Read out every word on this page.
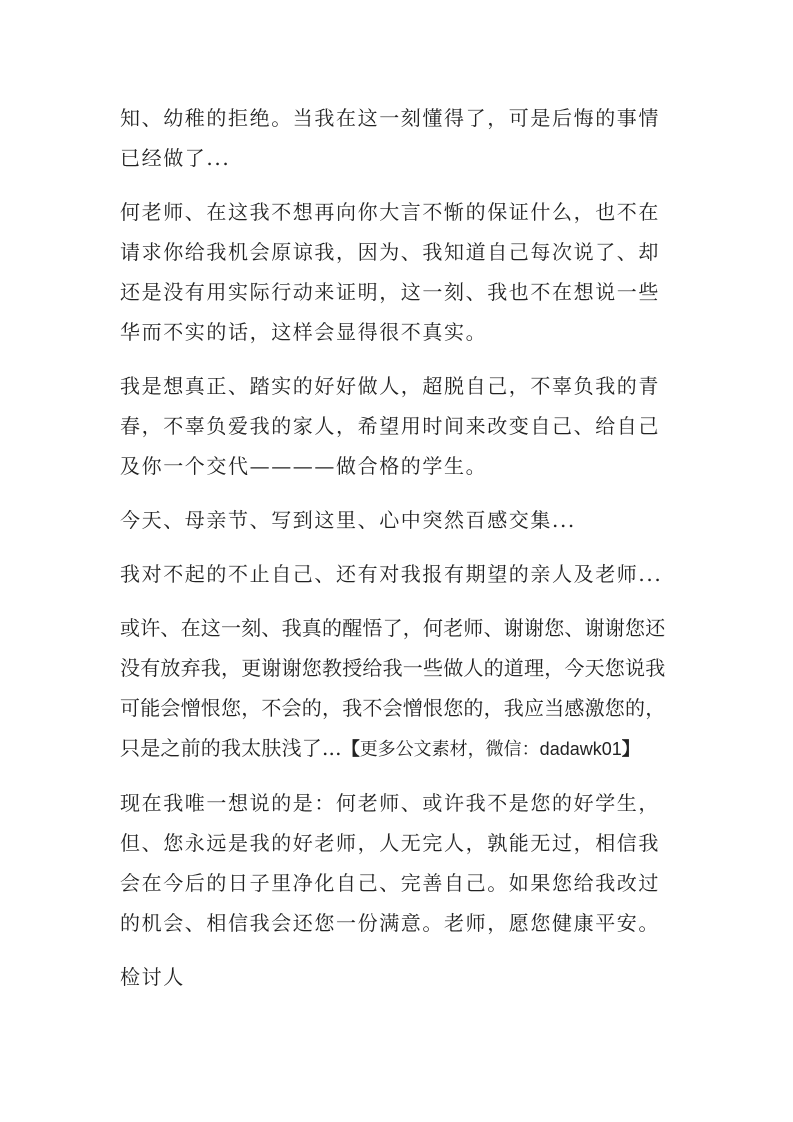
知、幼稚的拒绝。当我在这一刻懂得了，可是后悔的事情已经做了...

何老师、在这我不想再向你大言不惭的保证什么，也不在请求你给我机会原谅我，因为、我知道自己每次说了、却还是没有用实际行动来证明，这一刻、我也不在想说一些华而不实的话，这样会显得很不真实。

我是想真正、踏实的好好做人，超脱自己，不辜负我的青春，不辜负爱我的家人，希望用时间来改变自己、给自己及你一个交代————做合格的学生。

今天、母亲节、写到这里、心中突然百感交集...

我对不起的不止自己、还有对我报有期望的亲人及老师...

或许、在这一刻、我真的醒悟了，何老师、谢谢您、谢谢您还没有放弃我，更谢谢您教授给我一些做人的道理，今天您说我可能会憎恨您，不会的，我不会憎恨您的，我应当感激您的，只是之前的我太肤浅了...【更多公文素材，微信：dadawk01】

现在我唯一想说的是：何老师、或许我不是您的好学生，但、您永远是我的好老师，人无完人，孰能无过，相信我会在今后的日子里净化自己、完善自己。如果您给我改过的机会、相信我会还您一份满意。老师，愿您健康平安。

检讨人
